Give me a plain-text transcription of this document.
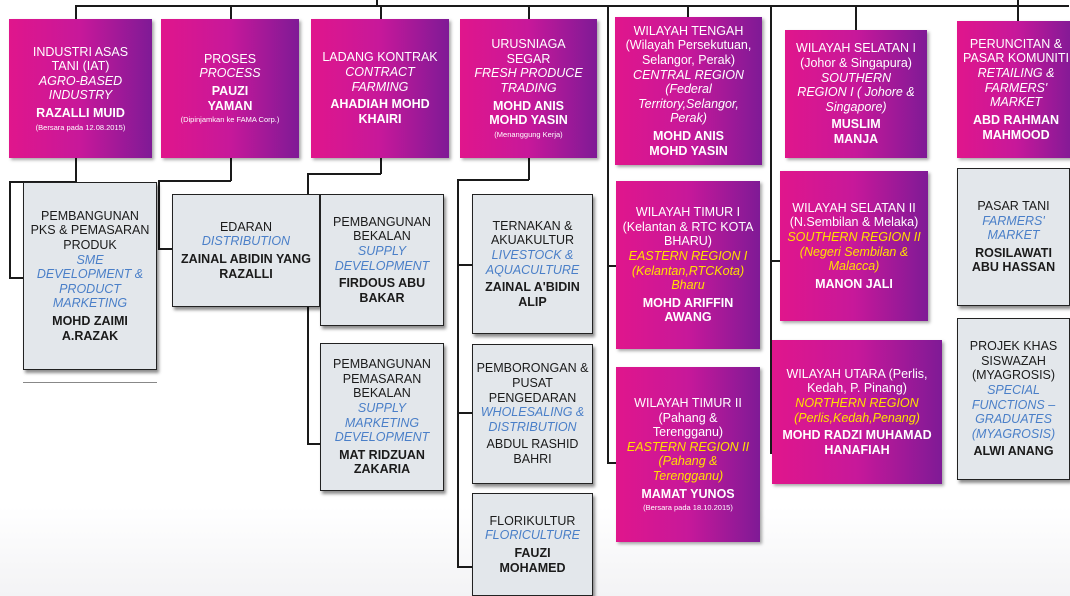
INDUSTRI ASAS TANI (IAT)
AGRO-BASED INDUSTRY
RAZALLI MUID
(Bersara pada 12.08.2015)
PROSES
PROCESS
PAUZI YAMAN
(Dipinjamkan ke FAMA Corp.)
LADANG KONTRAK
CONTRACT FARMING
AHADIAH MOHD KHAIRI
URUSNIAGA SEGAR
FRESH PRODUCE TRADING
MOHD ANIS MOHD YASIN
(Menanggung Kerja)
WILAYAH TENGAH (Wilayah Persekutuan, Selangor, Perak)
CENTRAL REGION (Federal Territory,Selangor, Perak)
MOHD ANIS MOHD YASIN
WILAYAH SELATAN I (Johor & Singapura)
SOUTHERN REGION I ( Johore & Singapore)
MUSLIM MANJA
PERUNCITAN & PASAR KOMUNITI
RETAILING & FARMERS' MARKET
ABD RAHMAN MAHMOOD
PEMBANGUNAN PKS & PEMASARAN PRODUK
SME DEVELOPMENT & PRODUCT MARKETING
MOHD ZAIMI A.RAZAK
EDARAN
DISTRIBUTION
ZAINAL ABIDIN YANG RAZALLI
PEMBANGUNAN BEKALAN
SUPPLY DEVELOPMENT
FIRDOUS ABU BAKAR
PEMBANGUNAN PEMASARAN BEKALAN
SUPPLY MARKETING DEVELOPMENT
MAT RIDZUAN ZAKARIA
TERNAKAN & AKUAKULTUR
LIVESTOCK & AQUACULTURE
ZAINAL A'BIDIN ALIP
PEMBORONGAN & PUSAT PENGEDARAN
WHOLESALING & DISTRIBUTION
ABDUL RASHID BAHRI
FLORIKULTUR
FLORICULTURE
FAUZI MOHAMED
WILAYAH TIMUR I (Kelantan & RTC KOTA BHARU)
EASTERN REGION I (Kelantan,RTCKota) Bharu
MOHD ARIFFIN AWANG
WILAYAH TIMUR II (Pahang & Terengganu)
EASTERN REGION II (Pahang & Terengganu)
MAMAT YUNOS
(Bersara pada 18.10.2015)
WILAYAH SELATAN II (N.Sembilan & Melaka)
SOUTHERN REGION II (Negeri Sembilan & Malacca)
MANON JALI
WILAYAH UTARA (Perlis, Kedah, P. Pinang)
NORTHERN REGION (Perlis,Kedah,Penang)
MOHD RADZI MUHAMAD HANAFIAH
PASAR TANI
FARMERS' MARKET
ROSILAWATI ABU HASSAN
PROJEK KHAS SISWAZAH (MYAGROSIS)
SPECIAL FUNCTIONS – GRADUATES (MYAGROSIS)
ALWI ANANG
